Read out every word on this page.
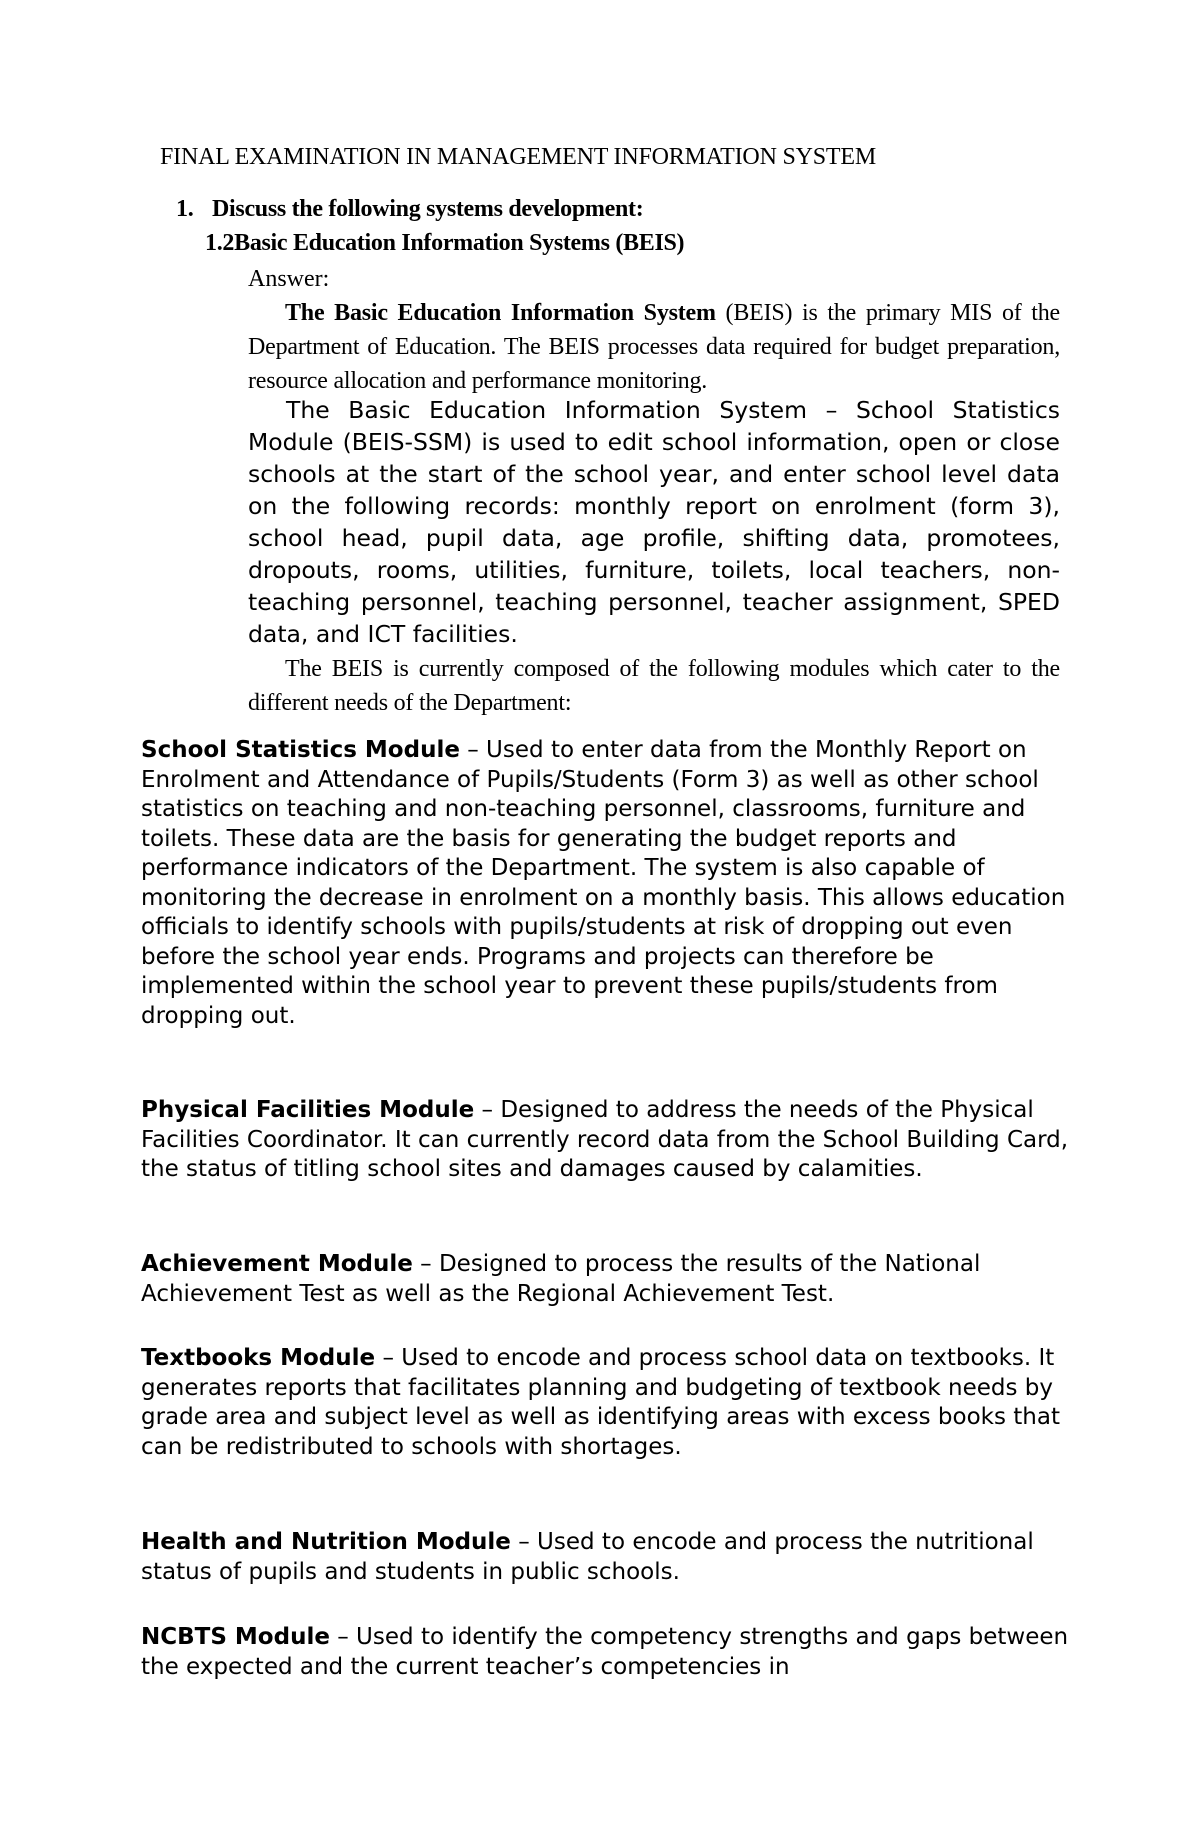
FINAL EXAMINATION IN MANAGEMENT INFORMATION SYSTEM
1. Discuss the following systems development:
1.2Basic Education Information Systems (BEIS)
Answer:

The Basic Education Information System (BEIS) is the primary MIS of the Department of Education. The BEIS processes data required for budget preparation, resource allocation and performance monitoring.

The Basic Education Information System – School Statistics Module (BEIS-SSM) is used to edit school information, open or close schools at the start of the school year, and enter school level data on the following records: monthly report on enrolment (form 3), school head, pupil data, age profile, shifting data, promotees, dropouts, rooms, utilities, furniture, toilets, local teachers, non-teaching personnel, teaching personnel, teacher assignment, SPED data, and ICT facilities.

The BEIS is currently composed of the following modules which cater to the different needs of the Department:

School Statistics Module – Used to enter data from the Monthly Report on Enrolment and Attendance of Pupils/Students (Form 3) as well as other school statistics on teaching and non-teaching personnel, classrooms, furniture and toilets. These data are the basis for generating the budget reports and performance indicators of the Department. The system is also capable of monitoring the decrease in enrolment on a monthly basis. This allows education officials to identify schools with pupils/students at risk of dropping out even before the school year ends. Programs and projects can therefore be implemented within the school year to prevent these pupils/students from dropping out.

Physical Facilities Module – Designed to address the needs of the Physical Facilities Coordinator. It can currently record data from the School Building Card, the status of titling school sites and damages caused by calamities.

Achievement Module – Designed to process the results of the National Achievement Test as well as the Regional Achievement Test.

Textbooks Module – Used to encode and process school data on textbooks. It generates reports that facilitates planning and budgeting of textbook needs by grade area and subject level as well as identifying areas with excess books that can be redistributed to schools with shortages.

Health and Nutrition Module – Used to encode and process the nutritional status of pupils and students in public schools.

NCBTS Module – Used to identify the competency strengths and gaps between the expected and the current teacher’s competencies in
